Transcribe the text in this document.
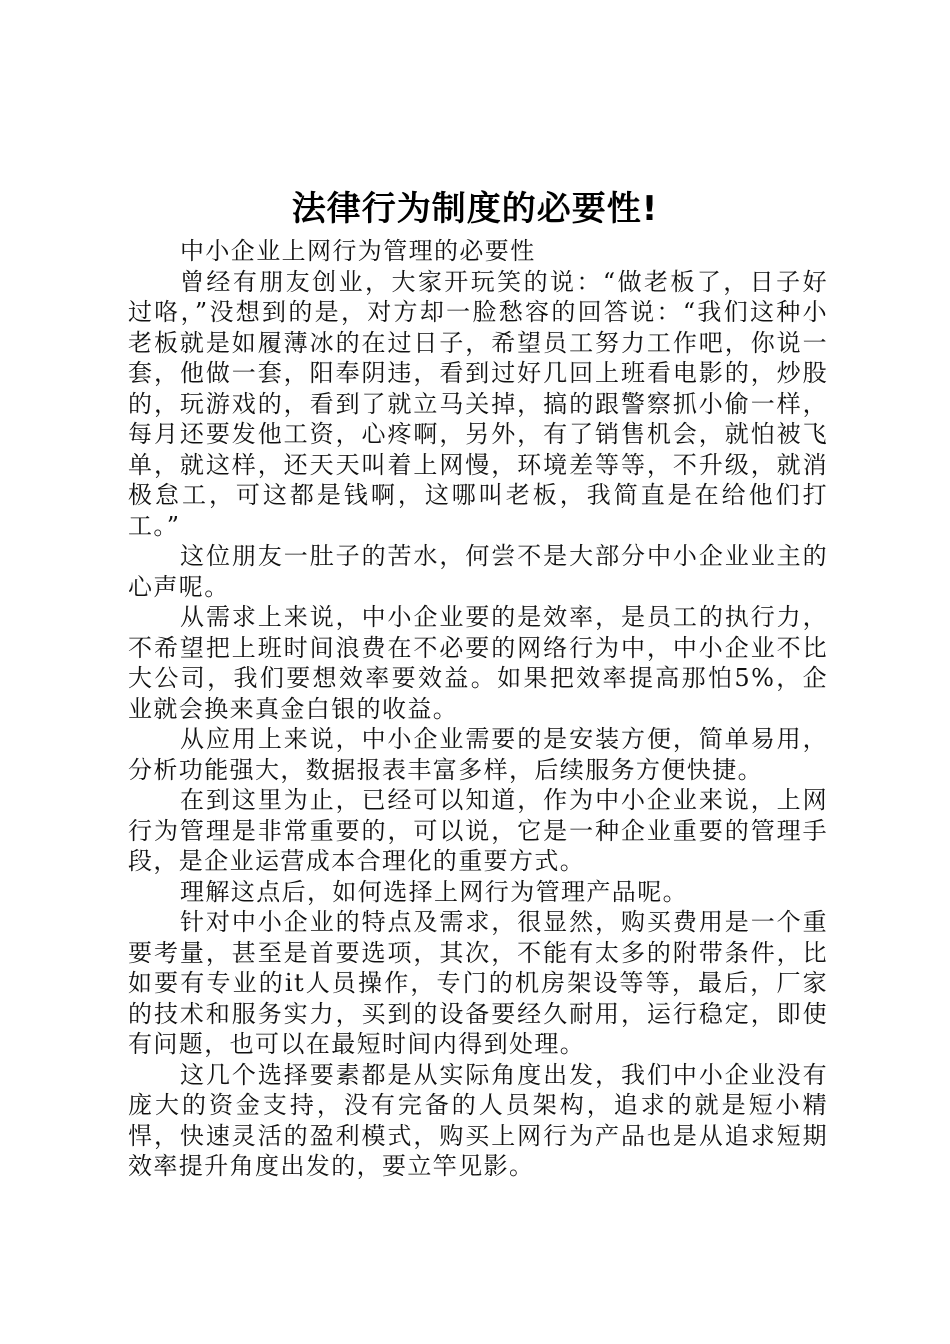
法律行为制度的必要性!

中小企业上网行为管理的必要性

曾经有朋友创业，大家开玩笑的说：“做老板了，日子好过咯，”没想到的是，对方却一脸愁容的回答说：“我们这种小老板就是如履薄冰的在过日子，希望员工努力工作吧，你说一套，他做一套，阳奉阴违，看到过好几回上班看电影的，炒股的，玩游戏的，看到了就立马关掉，搞的跟警察抓小偷一样，每月还要发他工资，心疼啊，另外，有了销售机会，就怕被飞单，就这样，还天天叫着上网慢，环境差等等，不升级，就消极怠工，可这都是钱啊，这哪叫老板，我简直是在给他们打工。”

这位朋友一肚子的苦水，何尝不是大部分中小企业业主的心声呢。

从需求上来说，中小企业要的是效率，是员工的执行力，不希望把上班时间浪费在不必要的网络行为中，中小企业不比大公司，我们要想效率要效益。如果把效率提高那怕5%，企业就会换来真金白银的收益。

从应用上来说，中小企业需要的是安装方便，简单易用，分析功能强大，数据报表丰富多样，后续服务方便快捷。

在到这里为止，已经可以知道，作为中小企业来说，上网行为管理是非常重要的，可以说，它是一种企业重要的管理手段，是企业运营成本合理化的重要方式。

理解这点后，如何选择上网行为管理产品呢。

针对中小企业的特点及需求，很显然，购买费用是一个重要考量，甚至是首要选项，其次，不能有太多的附带条件，比如要有专业的it人员操作，专门的机房架设等等，最后，厂家的技术和服务实力，买到的设备要经久耐用，运行稳定，即使有问题，也可以在最短时间内得到处理。

这几个选择要素都是从实际角度出发，我们中小企业没有庞大的资金支持，没有完备的人员架构，追求的就是短小精悍，快速灵活的盈利模式，购买上网行为产品也是从追求短期效率提升角度出发的，要立竿见影。
